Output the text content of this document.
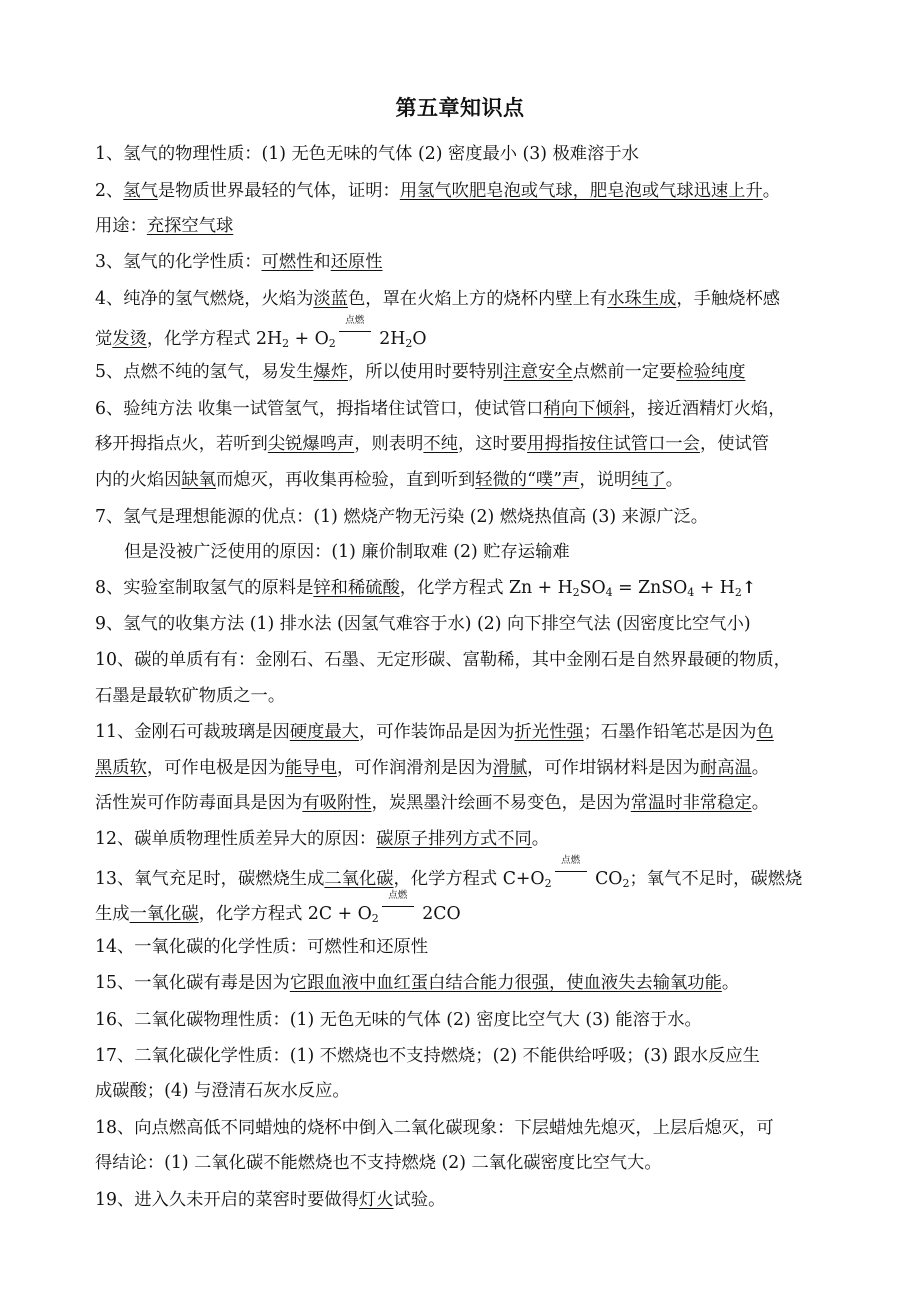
第五章知识点
1、氢气的物理性质：(1) 无色无味的气体 (2) 密度最小 (3) 极难溶于水
2、氢气是物质世界最轻的气体，证明：用氢气吹肥皂泡或气球，肥皂泡或气球迅速上升。
用途：充探空气球
3、氢气的化学性质：可燃性和还原性
4、纯净的氢气燃烧，火焰为淡蓝色，罩在火焰上方的烧杯内壁上有水珠生成，手触烧杯感
觉发烫，化学方程式 $2H_2 + O_2$
点燃
$2H_2O$
5、点燃不纯的氢气，易发生爆炸，所以使用时要特别注意安全点燃前一定要检验纯度
6、验纯方法 收集一试管氢气，拇指堵住试管口，使试管口稍向下倾斜，接近酒精灯火焰，
移开拇指点火，若听到尖锐爆鸣声，则表明不纯，这时要用拇指按住试管口一会，使试管
内的火焰因缺氧而熄灭，再收集再检验，直到听到轻微的“噗”声，说明纯了。
7、氢气是理想能源的优点：(1) 燃烧产物无污染 (2) 燃烧热值高 (3) 来源广泛。
但是没被广泛使用的原因：(1) 廉价制取难 (2) 贮存运输难
8、实验室制取氢气的原料是锌和稀硫酸，化学方程式 $Zn + H_2SO_4$ = ZnSO$_4$ + $H_2↑$
9、氢气的收集方法 (1) 排水法 (因氢气难容于水) (2) 向下排空气法 (因密度比空气小)
10、碳的单质有有：金刚石、石墨、无定形碳、富勒稀，其中金刚石是自然界最硬的物质，
石墨是最软矿物质之一。
11、金刚石可裁玻璃是因硬度最大，可作装饰品是因为折光性强；石墨作铅笔芯是因为色
黑质软，可作电极是因为能导电，可作润滑剂是因为滑腻，可作坩锅材料是因为耐高温。
活性炭可作防毒面具是因为有吸附性，炭黑墨汁绘画不易变色，是因为常温时非常稳定。
12、碳单质物理性质差异大的原因：碳原子排列方式不同。
13、氧气充足时，碳燃烧生成二氧化碳，化学方程式 $C+O_2$
点燃
$CO_2$；氧气不足时，碳燃烧
生成一氧化碳，化学方程式 $2C + O_2$
点燃
2CO
14、一氧化碳的化学性质：可燃性和还原性
15、一氧化碳有毒是因为它跟血液中血红蛋白结合能力很强，使血液失去输氧功能。
16、二氧化碳物理性质：(1) 无色无味的气体 (2) 密度比空气大 (3) 能溶于水。
17、二氧化碳化学性质：(1) 不燃烧也不支持燃烧；(2) 不能供给呼吸；(3) 跟水反应生
成碳酸；(4) 与澄清石灰水反应。
18、向点燃高低不同蜡烛的烧杯中倒入二氧化碳现象：下层蜡烛先熄灭，上层后熄灭，可
得结论：(1) 二氧化碳不能燃烧也不支持燃烧 (2) 二氧化碳密度比空气大。
19、进入久未开启的菜窖时要做得灯火试验。
